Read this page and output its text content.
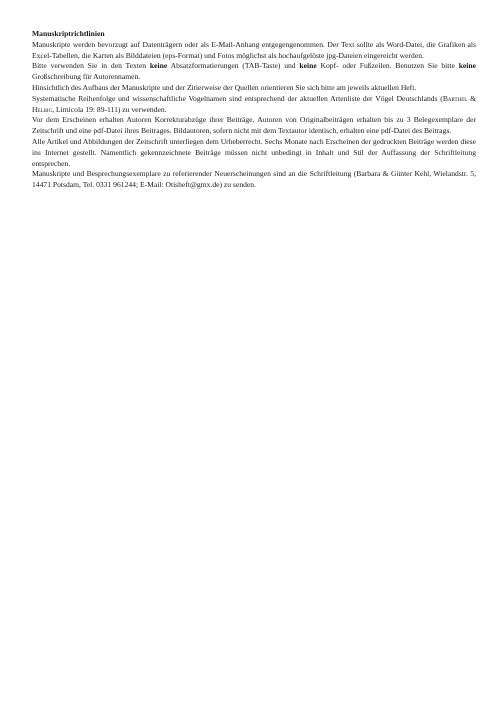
Manuskriptrichtlinien

Manuskripte werden bevorzugt auf Datenträgern oder als E-Mail-Anhang entgegengenommen. Der Text sollte als Word-Datei, die Grafiken als Excel-Tabellen, die Karten als Bilddateien (eps-Format) und Fotos möglichst als hochaufgelöste jpg-Dateien eingereicht werden.

Bitte verwenden Sie in den Texten keine Absatzformatierungen (TAB-Taste) und keine Kopf- oder Fußzeilen. Benutzen Sie bitte keine Großschreibung für Autorennamen.

Hinsichtlich des Aufbaus der Manuskripte und der Zitierweise der Quellen orientieren Sie sich bitte am jeweils aktuellen Heft.

Systematische Reihenfolge und wissenschaftliche Vogelnamen sind entsprechend der aktuellen Artenliste der Vögel Deutschlands (Barthel & Helbig, Limicola 19: 89-111) zu verwenden.

Vor dem Erscheinen erhalten Autoren Korrekturabzüge ihrer Beiträge. Autoren von Originalbeiträgen erhalten bis zu 3 Belegexemplare der Zeitschrift und eine pdf-Datei ihres Beitrages. Bildautoren, sofern nicht mit dem Textautor identisch, erhalten eine pdf-Datei des Beitrags.

Alle Artikel und Abbildungen der Zeitschrift unterliegen dem Urheberrecht. Sechs Monate nach Erscheinen der gedruckten Beiträge werden diese ins Internet gestellt. Namentlich gekennzeichnete Beiträge müssen nicht unbedingt in Inhalt und Stil der Auffassung der Schriftleitung entsprechen.

Manuskripte und Besprechungsexemplare zu referierender Neuerscheinungen sind an die Schriftleitung (Barbara & Günter Kehl, Wielandstr. 5, 14471 Potsdam, Tel. 0331 961244; E-Mail: Otisheft@gmx.de) zu senden.
